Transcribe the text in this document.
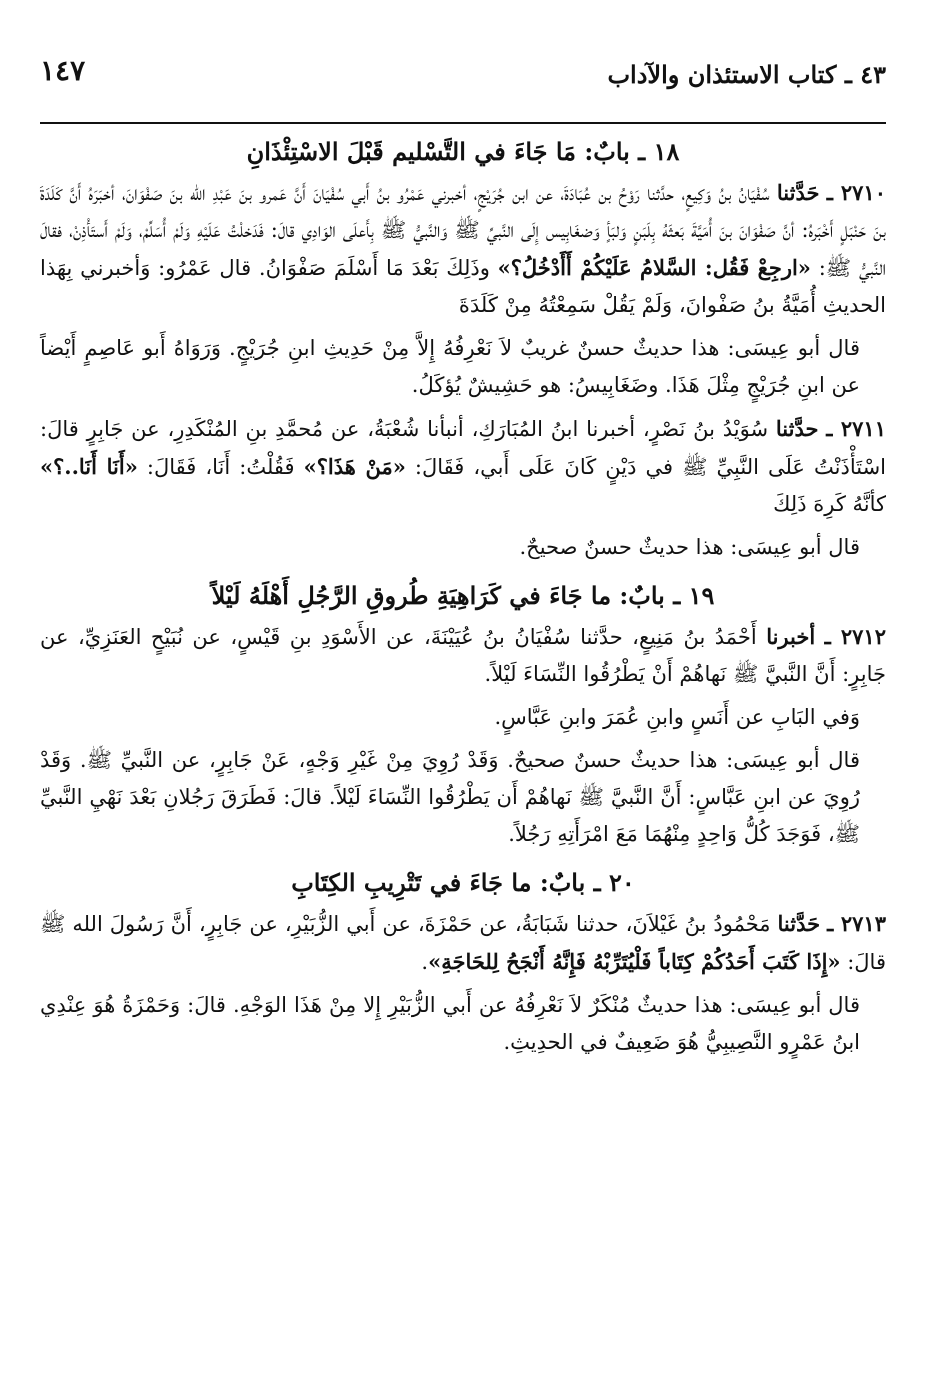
٤٣ ـ كتاب الاستئذان والآداب
١٤٧
١٨ ـ بابٌ: مَا جَاءَ في التَّسْليم قَبْلَ الاسْتِئْذَانِ

٢٧١٠ ـ حَدَّثنا سُفْيَانُ بنُ وَكِيعٍ، حدَّثنا رَوْحُ بن عُبَادَةَ، عن ابن جُرَيْجٍ، أخبرني عَمْرُو بنُ أَبي سُفْيَانَ أَنَّ عَمرو بنَ عَبْدِ الله بنَ صَفْوَانَ، أخبَرَهُ أَنَّ كَلَدَةَ بنَ حَنْبَلٍ أَخْبَرهُ: أنَّ صَفْوَانَ بنَ أُمَيَّةَ بَعثَهُ بِلَبَنٍ وَلبَأٍ وَضغَابِيس إِلَى النَّبيِّ ﷺ وَالنَّبيُّ ﷺ بِأَعلَى الوَادِي قالَ: فَدَخلْتُ عَلَيْهِ وَلَمْ أُسَلِّمْ، وَلَمْ أَستَأْذِنْ، فقالَ النَّبيُّ ﷺ: «ارجِعْ فَقُل: السَّلامُ عَلَيْكُمْ أَأَدْخُلُ؟» وذَلِكَ بَعْدَ مَا أَسْلَمَ صَفْوَانُ. قال عَمْرُو: وَأخبرني بِهَذا الحديثِ أُمَيَّةُ بنُ صَفْوانَ، وَلَمْ يَقُلْ سَمِعْتُهُ مِنْ كَلَدَةَ

قال أبو عِيسَى: هذا حديثٌ حسنٌ غريبٌ لاَ نَعْرِفُهُ إِلاَّ مِنْ حَدِيثِ ابنِ جُرَيْجٍ. وَرَوَاهُ أَبو عَاصِمٍ أَيْضاً عن ابنِ جُرَيْجٍ مِثْلَ هَذَا. وضَغَابِيسُ: هو حَشِيشٌ يُؤكَلُ.

٢٧١١ ـ حدَّثنا سُوَيْدُ بنُ نَصْرٍ، أخبرنا ابنُ المُبَارَكِ، أنبأنا شُعْبَةُ، عن مُحمَّدِ بنِ المُنْكَدِرِ، عن جَابِرٍ قالَ: اسْتَأْذَنْتُ عَلَى النَّبِيِّ ﷺ في دَيْنٍ كَانَ عَلَى أَبي، فَقَالَ: «مَنْ هَذَا؟» فَقُلْتُ: أَنَا، فَقَالَ: «أَنَا أَنَا..؟» كأنَّهُ كَرِهَ ذَلِكَ

قال أبو عِيسَى: هذا حديثٌ حسنٌ صحيحٌ.

١٩ ـ بابٌ: ما جَاءَ في كَرَاهِيَةِ طُروقِ الرَّجُلِ أَهْلَهُ لَيْلاً

٢٧١٢ ـ أخبرنا أَحْمَدُ بنُ مَنِيعٍ، حدَّثنا سُفْيَانُ بنُ عُيَيْنَةَ، عن الأَسْوَدِ بنِ قَيْسٍ، عن نُبَيْحٍ العَنَزِيِّ، عن جَابِرٍ: أَنَّ النَّبيَّ ﷺ نَهاهُمْ أَنْ يَطْرُقُوا النِّسَاءَ لَيْلاً.

وَفي البَابِ عن أَنَسٍ وابنِ عُمَرَ وابنِ عَبَّاسٍ.

قال أبو عِيسَى: هذا حديثٌ حسنٌ صحيحٌ. وَقَدْ رُوِيَ مِنْ غَيْرِ وَجْهٍ، عَنْ جَابِرٍ، عن النَّبيِّ ﷺ. وَقَدْ رُوِيَ عن ابنِ عَبَّاسٍ: أَنَّ النَّبيَّ ﷺ نَهاهُمْ أَن يَطْرُقُوا النِّسَاءَ لَيْلاً. قالَ: فَطَرَقَ رَجُلانِ بَعْدَ نَهْيِ النَّبيِّ ﷺ، فَوَجَدَ كُلُّ وَاحِدٍ مِنْهُمَا مَعَ امْرَأَتِهِ رَجُلاً.

٢٠ ـ بابٌ: ما جَاءَ في تَتْرِيبِ الكِتَابِ

٢٧١٣ ـ حَدَّثنا مَحْمُودُ بنُ غَيْلاَنَ، حدثنا شَبَابَةُ، عن حَمْزَةَ، عن أَبي الزُّبَيْرِ، عن جَابِرٍ، أَنَّ رَسُولَ الله ﷺ قالَ: «إِذَا كَتَبَ أَحَدُكُمْ كِتَاباً فَلْيُتَرِّبْهُ فَإِنَّهُ أَنْجَحُ لِلحَاجَةِ».

قال أبو عِيسَى: هذا حديثٌ مُنْكَرٌ لاَ نَعْرِفُهُ عن أَبي الزُّبَيْرِ إِلا مِنْ هَذَا الوَجْهِ. قالَ: وَحَمْزَةُ هُوَ عِنْدِي ابنُ عَمْرٍو النَّصِيبِيُّ هُوَ ضَعِيفٌ في الحدِيثِ.
